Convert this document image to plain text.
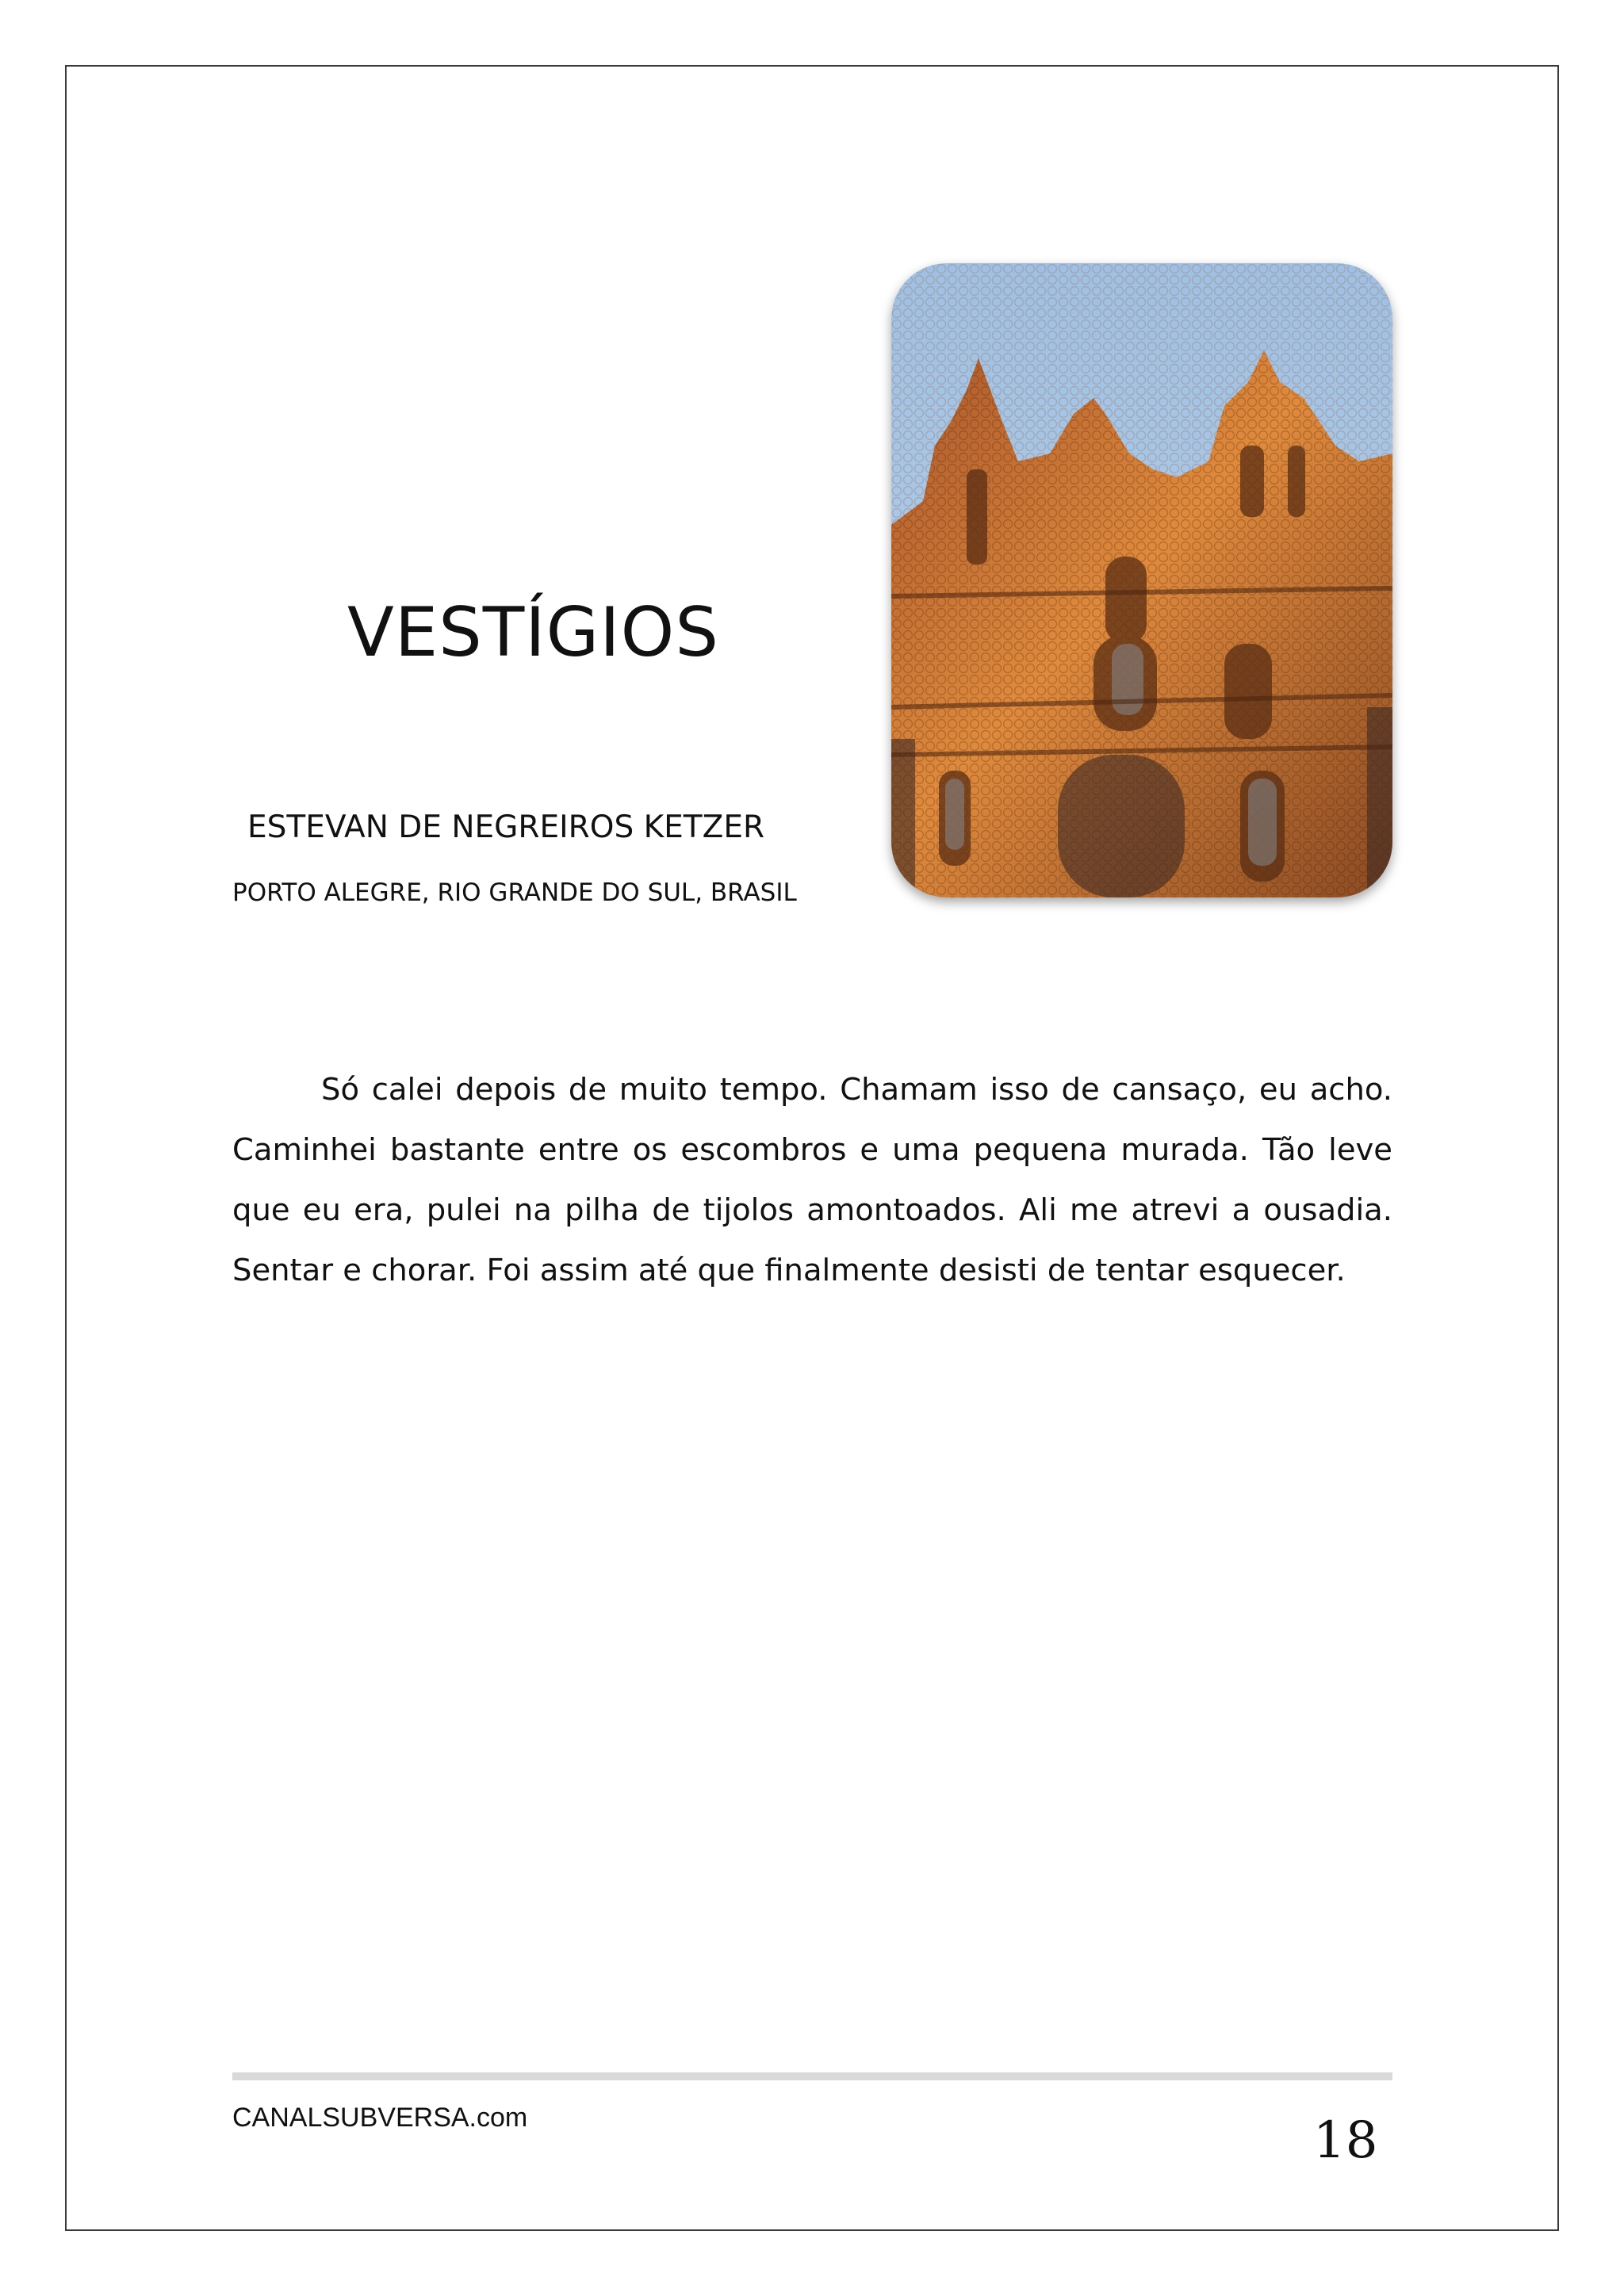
VESTÍGIOS
ESTEVAN DE NEGREIROS KETZER
PORTO ALEGRE, RIO GRANDE DO SUL, BRASIL

Só calei depois de muito tempo. Chamam isso de cansaço, eu acho. Caminhei bastante entre os escombros e uma pequena murada. Tão leve que eu era, pulei na pilha de tijolos amontoados. Ali me atrevi a ousadia. Sentar e chorar. Foi assim até que finalmente desisti de tentar esquecer.

CANALSUBVERSA.com	18
